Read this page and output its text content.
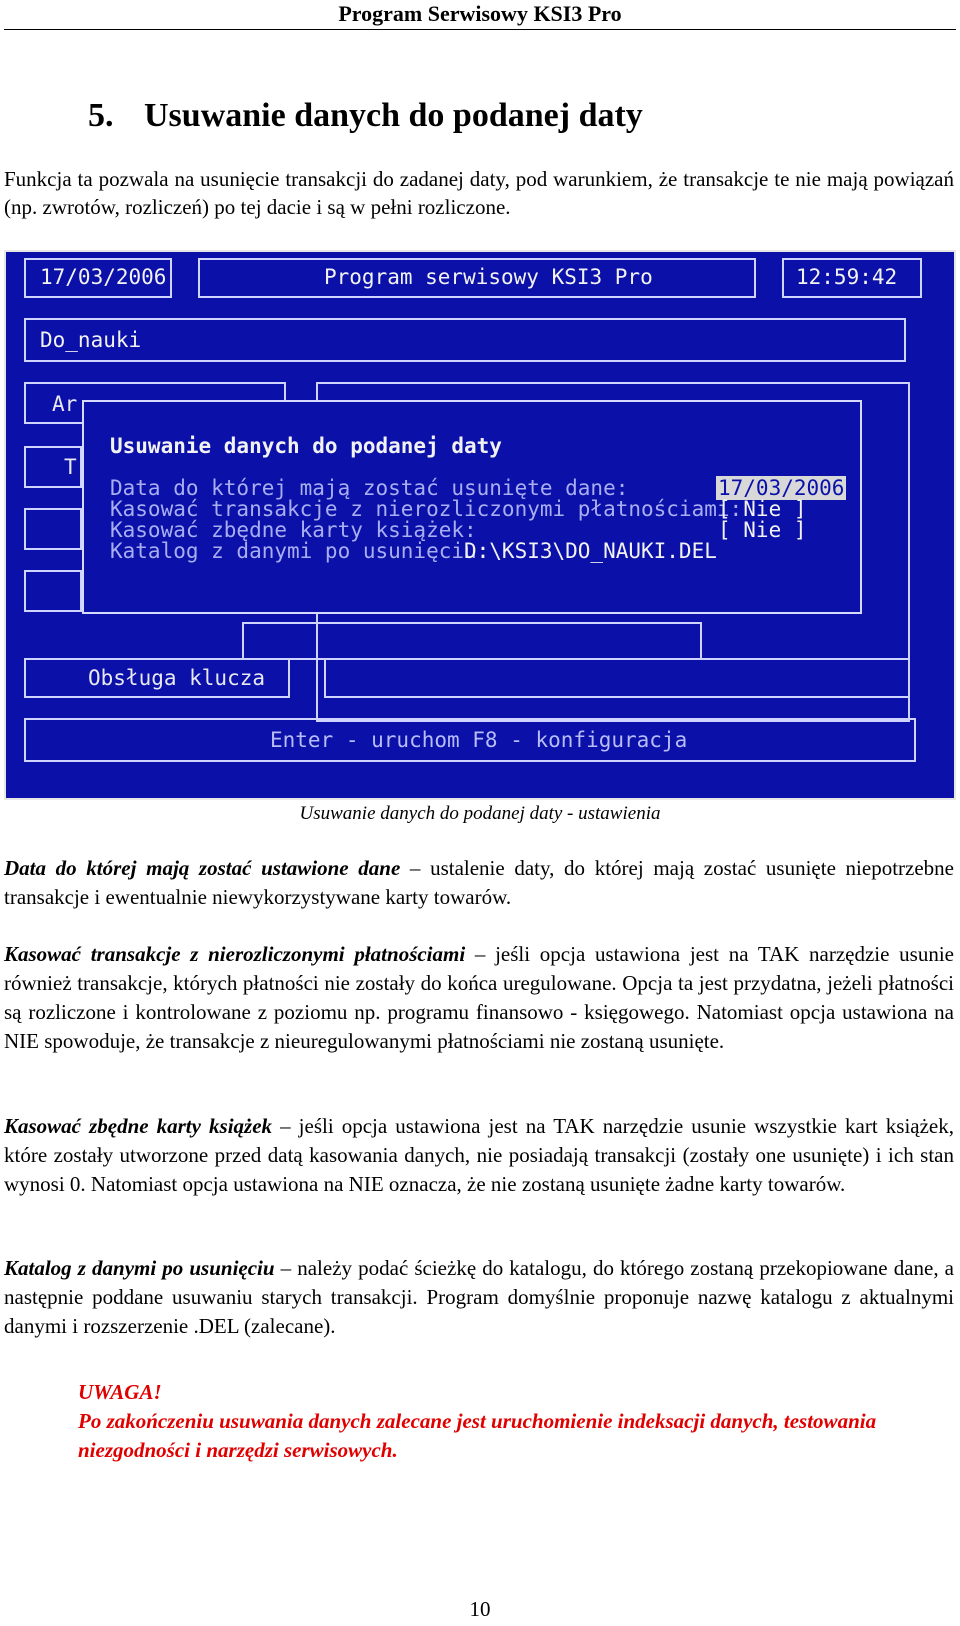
Program Serwisowy KSI3 Pro
5. Usuwanie danych do podanej daty

Funkcja ta pozwala na usunięcie transakcji do zadanej daty, pod warunkiem, że transakcje te nie mają powiązań (np. zwrotów, rozliczeń) po tej dacie i są w pełni rozliczone.

17/03/2006	Program serwisowy KSI3 Pro	12:59:42
Do_nauki
Ar
T
Usuwanie danych do podanej daty
Data do której mają zostać usunięte dane:	17/03/2006
Kasować transakcje z nierozliczonymi płatnościami:
[ Nie ]
Kasować zbędne karty książek:	[ Nie ]
Katalog z danymi po usunięciu:
D:\KSI3\DO_NAUKI.DEL
Obsługa klucza
Enter - uruchom F8 - konfiguracja
Usuwanie danych do podanej daty - ustawienia

Data do której mają zostać ustawione dane – ustalenie daty, do której mają zostać usunięte niepotrzebne transakcje i ewentualnie niewykorzystywane karty towarów.

Kasować transakcje z nierozliczonymi płatnościami – jeśli opcja ustawiona jest na TAK narzędzie usunie również transakcje, których płatności nie zostały do końca uregulowane. Opcja ta jest przydatna, jeżeli płatności są rozliczone i kontrolowane z poziomu np. programu finansowo - księgowego. Natomiast opcja ustawiona na NIE spowoduje, że transakcje z nieuregulowanymi płatnościami nie zostaną usunięte.

Kasować zbędne karty książek – jeśli opcja ustawiona jest na TAK narzędzie usunie wszystkie kart książek, które zostały utworzone przed datą kasowania danych, nie posiadają transakcji (zostały one usunięte) i ich stan wynosi 0. Natomiast opcja ustawiona na NIE oznacza, że nie zostaną usunięte żadne karty towarów.

Katalog z danymi po usunięciu – należy podać ścieżkę do katalogu, do którego zostaną przekopiowane dane, a następnie poddane usuwaniu starych transakcji. Program domyślnie proponuje nazwę katalogu z aktualnymi danymi i rozszerzenie .DEL (zalecane).

UWAGA!
Po zakończeniu usuwania danych zalecane jest uruchomienie indeksacji danych, testowania niezgodności i narzędzi serwisowych.
10
